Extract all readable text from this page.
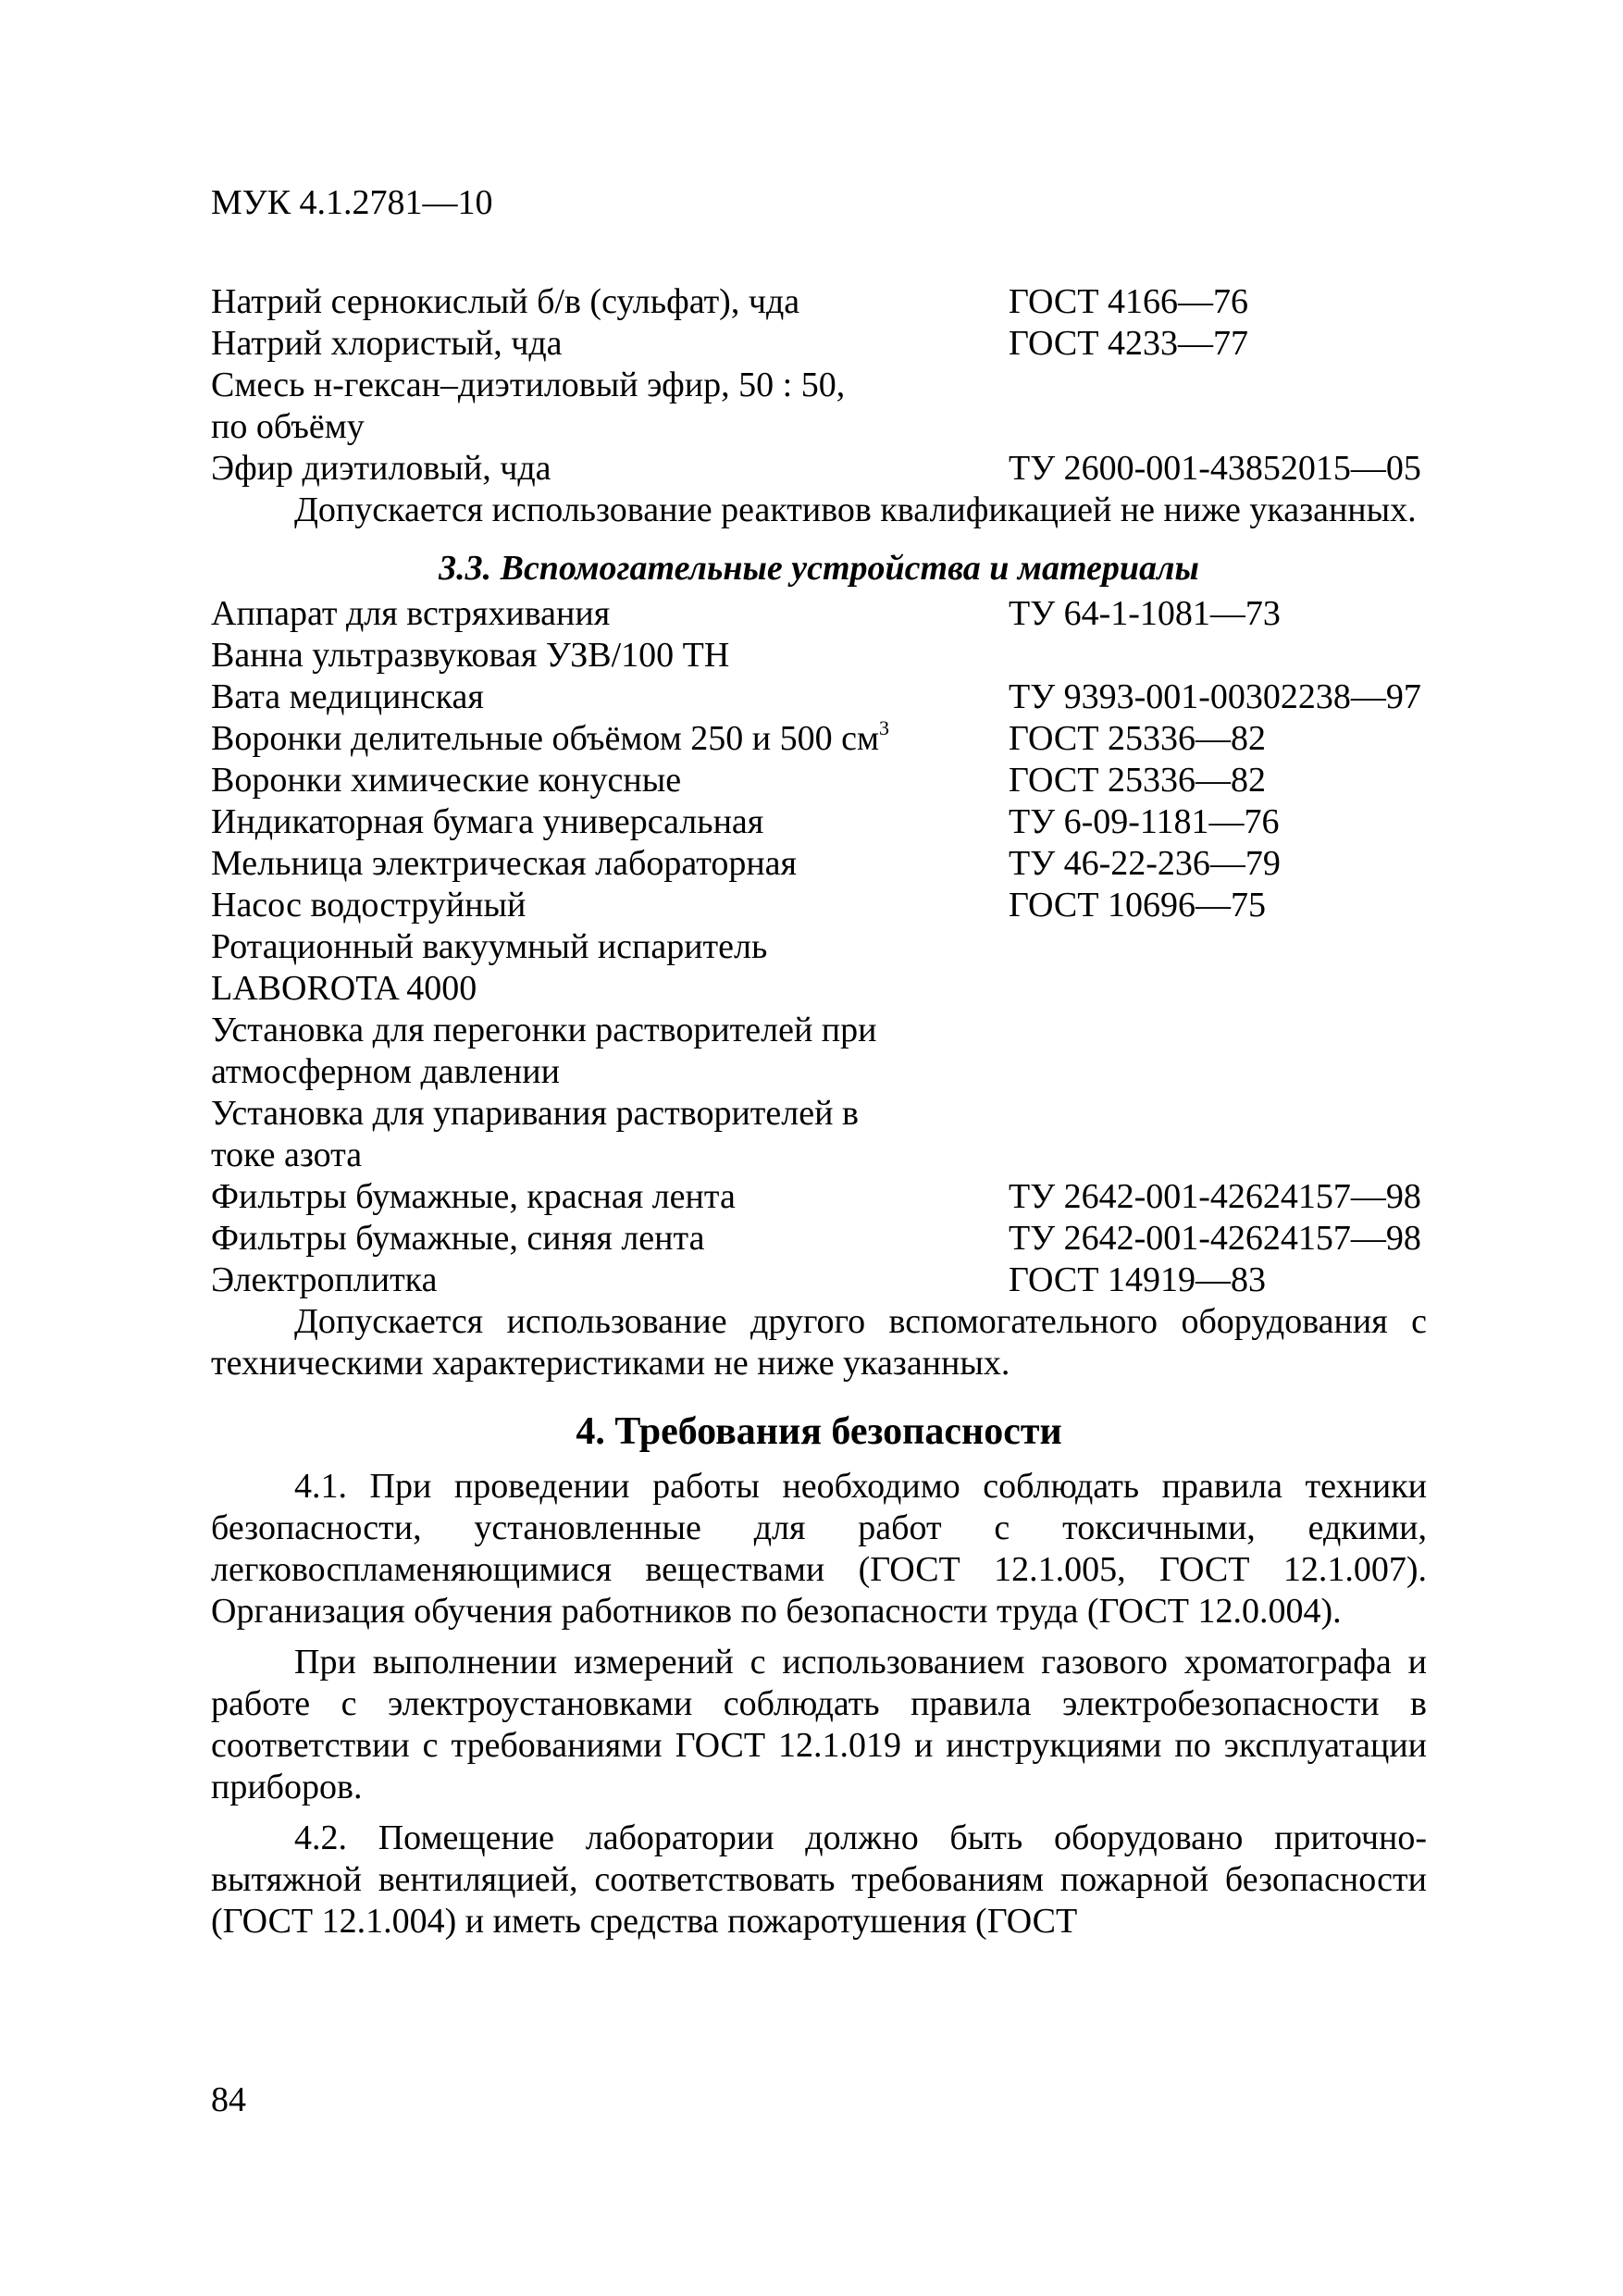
МУК 4.1.2781—10
Натрий сернокислый б/в (сульфат), чда	ГОСТ 4166—76
Натрий хлористый, чда	ГОСТ 4233—77
Смесь н-гексан–диэтиловый эфир, 50 : 50,
по объёму
Эфир диэтиловый, чда	ТУ 2600-001-43852015—05

Допускается использование реактивов квалификацией не ниже указанных.

3.3. Вспомогательные устройства и материалы
Аппарат для встряхивания	ТУ 64-1-1081—73
Ванна ультразвуковая УЗВ/100 ТН
Вата медицинская	ТУ 9393-001-00302238—97
Воронки делительные объёмом 250 и 500 $см^3$	ГОСТ 25336—82
Воронки химические конусные	ГОСТ 25336—82
Индикаторная бумага универсальная	ТУ 6-09-1181—76
Мельница электрическая лабораторная	ТУ 46-22-236—79
Насос водоструйный	ГОСТ 10696—75
Ротационный вакуумный испаритель
LABOROTA 4000
Установка для перегонки растворителей при
атмосферном давлении
Установка для упаривания растворителей в
токе азота
Фильтры бумажные, красная лента	ТУ 2642-001-42624157—98
Фильтры бумажные, синяя лента	ТУ 2642-001-42624157—98
Электроплитка	ГОСТ 14919—83

Допускается использование другого вспомогательного оборудования с техническими характеристиками не ниже указанных.

4. Требования безопасности

4.1. При проведении работы необходимо соблюдать правила техники безопасности, установленные для работ с токсичными, едкими, легковоспламеняющимися веществами (ГОСТ 12.1.005, ГОСТ 12.1.007). Организация обучения работников по безопасности труда (ГОСТ 12.0.004).

При выполнении измерений с использованием газового хроматографа и работе с электроустановками соблюдать правила электробезопасности в соответствии с требованиями ГОСТ 12.1.019 и инструкциями по эксплуатации приборов.

4.2. Помещение лаборатории должно быть оборудовано приточно-вытяжной вентиляцией, соответствовать требованиям пожарной безопасности (ГОСТ 12.1.004) и иметь средства пожаротушения (ГОСТ

84
